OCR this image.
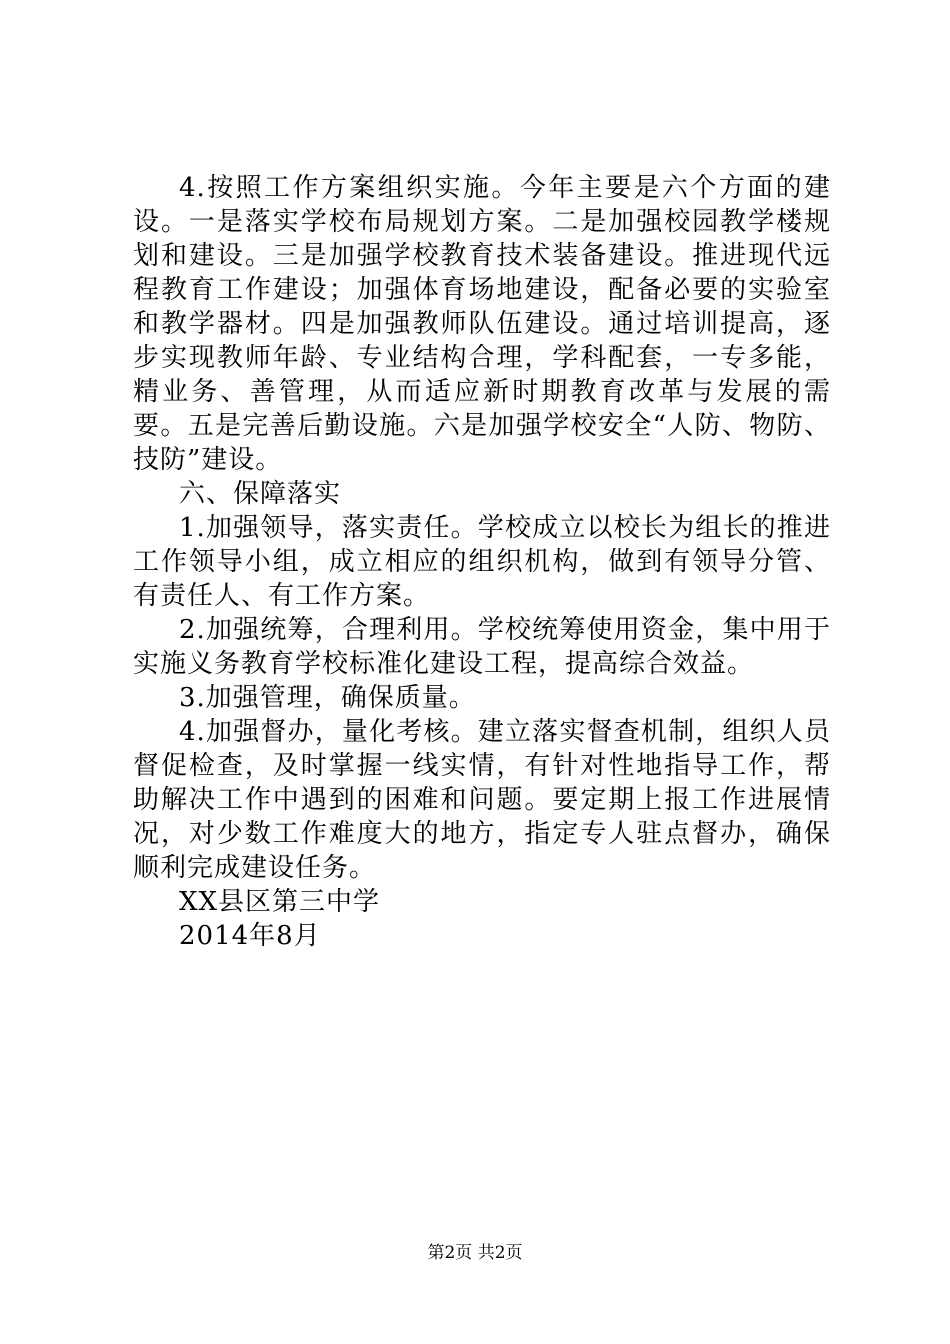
4.按照工作方案组织实施。今年主要是六个方面的建设。一是落实学校布局规划方案。二是加强校园教学楼规划和建设。三是加强学校教育技术装备建设。推进现代远程教育工作建设；加强体育场地建设，配备必要的实验室和教学器材。四是加强教师队伍建设。通过培训提高，逐步实现教师年龄、专业结构合理，学科配套，一专多能，精业务、善管理，从而适应新时期教育改革与发展的需要。五是完善后勤设施。六是加强学校安全“人防、物防、技防”建设。

六、保障落实

1.加强领导，落实责任。学校成立以校长为组长的推进工作领导小组，成立相应的组织机构，做到有领导分管、有责任人、有工作方案。

2.加强统筹，合理利用。学校统筹使用资金，集中用于实施义务教育学校标准化建设工程，提高综合效益。

3.加强管理，确保质量。

4.加强督办，量化考核。建立落实督查机制，组织人员督促检查，及时掌握一线实情，有针对性地指导工作，帮助解决工作中遇到的困难和问题。要定期上报工作进展情况，对少数工作难度大的地方，指定专人驻点督办，确保顺利完成建设任务。

XX县区第三中学

2014年8月

第2页 共2页
